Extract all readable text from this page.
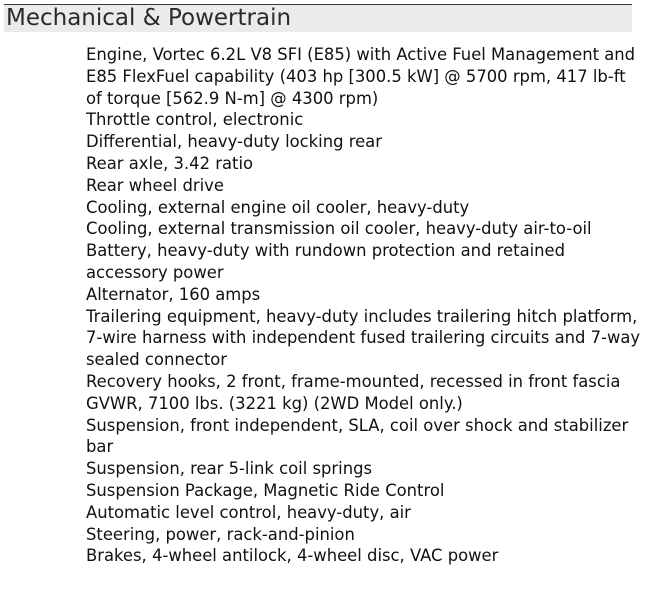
Mechanical & Powertrain
Engine, Vortec 6.2L V8 SFI (E85) with Active Fuel Management and E85 FlexFuel capability (403 hp [300.5 kW] @ 5700 rpm, 417 lb-ft of torque [562.9 N-m] @ 4300 rpm)
Throttle control, electronic
Differential, heavy-duty locking rear
Rear axle, 3.42 ratio
Rear wheel drive
Cooling, external engine oil cooler, heavy-duty
Cooling, external transmission oil cooler, heavy-duty air-to-oil
Battery, heavy-duty with rundown protection and retained accessory power
Alternator, 160 amps
Trailering equipment, heavy-duty includes trailering hitch platform, 7-wire harness with independent fused trailering circuits and 7-way sealed connector
Recovery hooks, 2 front, frame-mounted, recessed in front fascia
GVWR, 7100 lbs. (3221 kg) (2WD Model only.)
Suspension, front independent, SLA, coil over shock and stabilizer bar
Suspension, rear 5-link coil springs
Suspension Package, Magnetic Ride Control
Automatic level control, heavy-duty, air
Steering, power, rack-and-pinion
Brakes, 4-wheel antilock, 4-wheel disc, VAC power
